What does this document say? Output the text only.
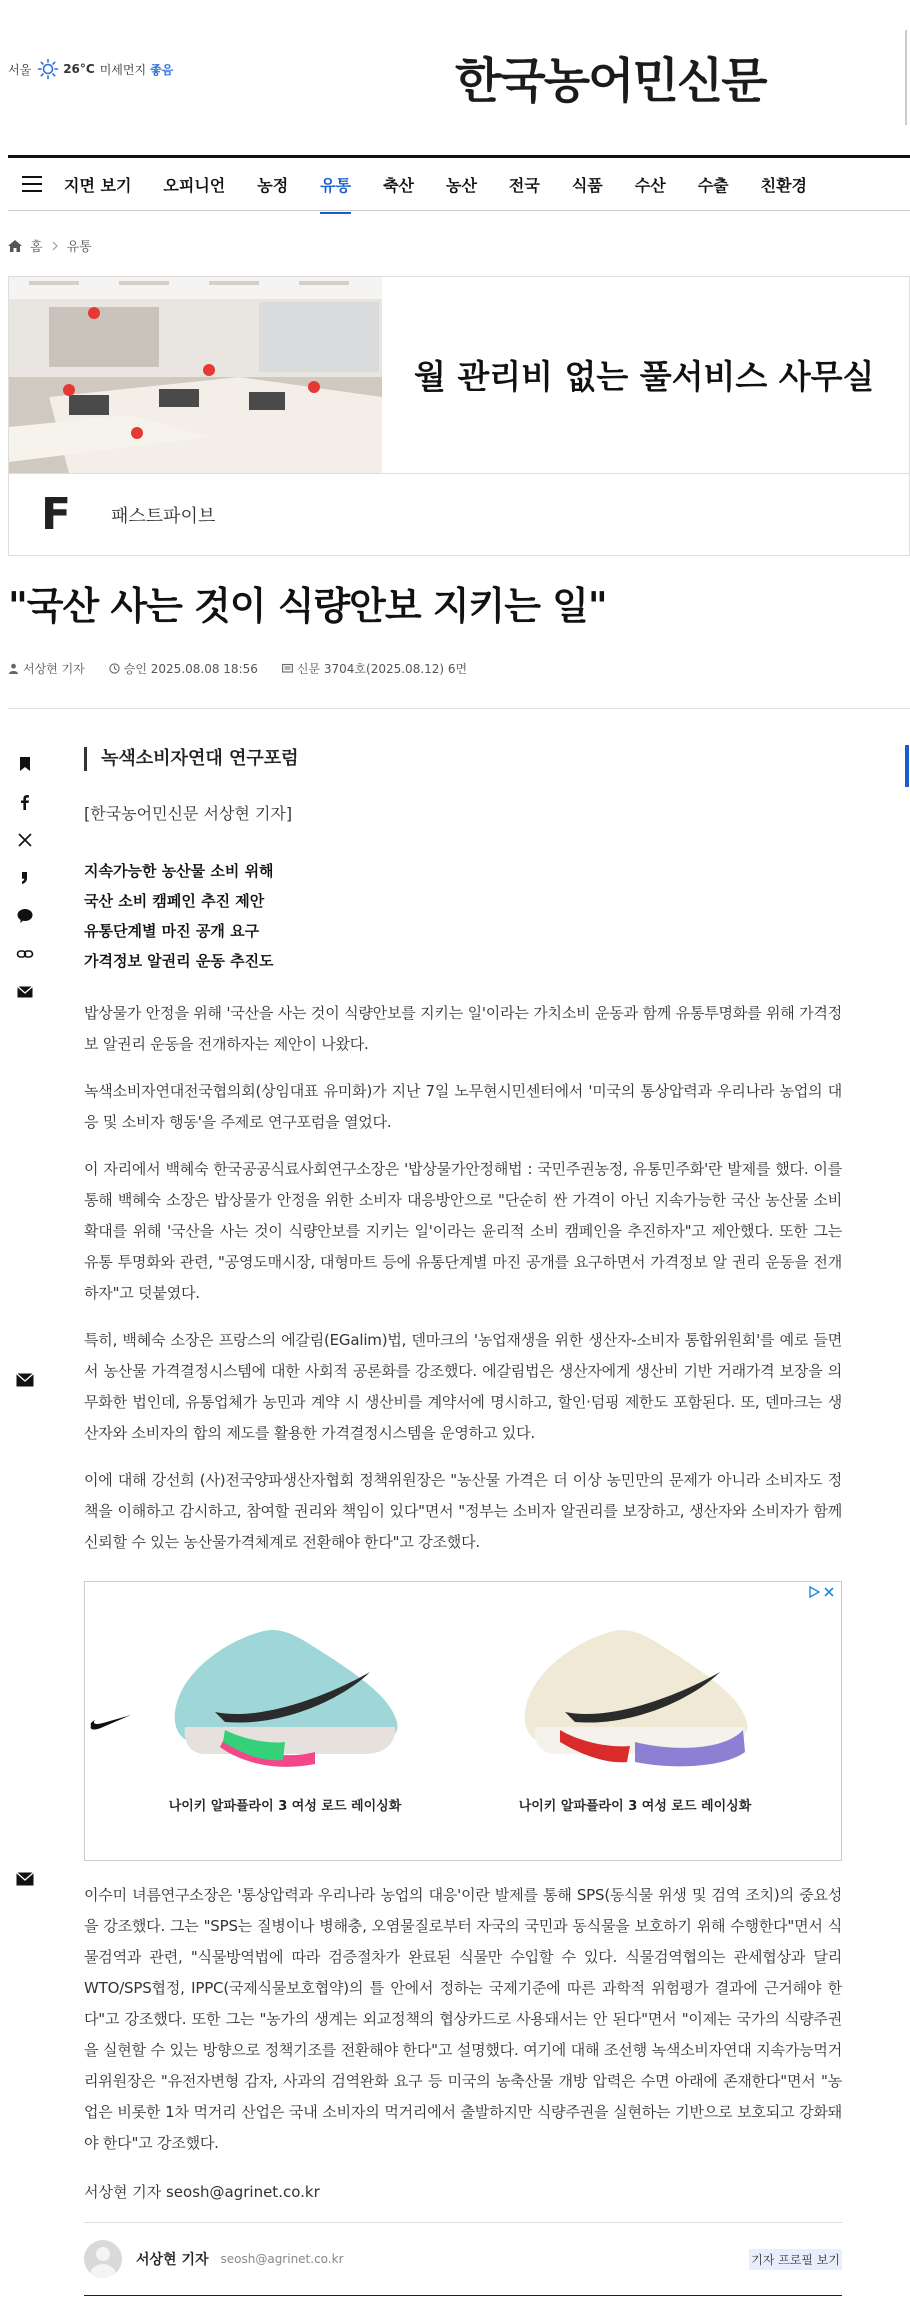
서울	26°C 미세먼지 좋음	한국농어민신문
지면 보기 오피니언 농정 유통 축산 농산 전국 식품 수산 수출 친환경
홈 유통
월 관리비 없는 풀서비스 사무실
F	패스트파이브
"국산 사는 것이 식량안보 지키는 일"
서상현 기자	승인 2025.08.08 18:56	신문 3704호(2025.08.12) 6면
녹색소비자연대 연구포럼
[한국농어민신문 서상현 기자]

지속가능한 농산물 소비 위해

국산 소비 캠페인 추진 제안

유통단계별 마진 공개 요구

가격정보 알권리 운동 추진도

밥상물가 안정을 위해 '국산을 사는 것이 식량안보를 지키는 일'이라는 가치소비 운동과 함께 유통투명화를 위해 가격정보 알권리 운동을 전개하자는 제안이 나왔다.

녹색소비자연대전국협의회(상임대표 유미화)가 지난 7일 노무현시민센터에서 '미국의 통상압력과 우리나라 농업의 대응 및 소비자 행동'을 주제로 연구포럼을 열었다.

이 자리에서 백혜숙 한국공공식료사회연구소장은 '밥상물가안정해법 : 국민주권농정, 유통민주화'란 발제를 했다. 이를 통해 백혜숙 소장은 밥상물가 안정을 위한 소비자 대응방안으로 "단순히 싼 가격이 아닌 지속가능한 국산 농산물 소비 확대를 위해 '국산을 사는 것이 식량안보를 지키는 일'이라는 윤리적 소비 캠페인을 추진하자"고 제안했다. 또한 그는 유통 투명화와 관련, "공영도매시장, 대형마트 등에 유통단계별 마진 공개를 요구하면서 가격정보 알 권리 운동을 전개하자"고 덧붙였다.

특히, 백혜숙 소장은 프랑스의 에갈림(EGalim)법, 덴마크의 '농업재생을 위한 생산자-소비자 통합위원회'를 예로 들면서 농산물 가격결정시스템에 대한 사회적 공론화를 강조했다. 에갈림법은 생산자에게 생산비 기반 거래가격 보장을 의무화한 법인데, 유통업체가 농민과 계약 시 생산비를 계약서에 명시하고, 할인·덤핑 제한도 포함된다. 또, 덴마크는 생산자와 소비자의 합의 제도를 활용한 가격결정시스템을 운영하고 있다.

이에 대해 강선희 (사)전국양파생산자협회 정책위원장은 "농산물 가격은 더 이상 농민만의 문제가 아니라 소비자도 정책을 이해하고 감시하고, 참여할 권리와 책임이 있다"면서 "정부는 소비자 알권리를 보장하고, 생산자와 소비자가 함께 신뢰할 수 있는 농산물가격체계로 전환해야 한다"고 강조했다.

나이키 알파플라이 3 여성 로드 레이싱화	나이키 알파플라이 3 여성 로드 레이싱화

이수미 녀름연구소장은 '통상압력과 우리나라 농업의 대응'이란 발제를 통해 SPS(동식물 위생 및 검역 조치)의 중요성을 강조했다. 그는 "SPS는 질병이나 병해충, 오염물질로부터 자국의 국민과 동식물을 보호하기 위해 수행한다"면서 식물검역과 관련, "식물방역법에 따라 검증절차가 완료된 식물만 수입할 수 있다. 식물검역협의는 관세협상과 달리 WTO/SPS협정, IPPC(국제식물보호협약)의 틀 안에서 정하는 국제기준에 따른 과학적 위험평가 결과에 근거해야 한다"고 강조했다. 또한 그는 "농가의 생계는 외교정책의 협상카드로 사용돼서는 안 된다"면서 "이제는 국가의 식량주권을 실현할 수 있는 방향으로 정책기조를 전환해야 한다"고 설명했다. 여기에 대해 조선행 녹색소비자연대 지속가능먹거리위원장은 "유전자변형 감자, 사과의 검역완화 요구 등 미국의 농축산물 개방 압력은 수면 아래에 존재한다"면서 "농업은 비롯한 1차 먹거리 산업은 국내 소비자의 먹거리에서 출발하지만 식량주권을 실현하는 기반으로 보호되고 강화돼야 한다"고 강조했다.

서상현 기자 seosh@agrinet.co.kr

서상현 기자 seosh@agrinet.co.kr	기자 프로필 보기
